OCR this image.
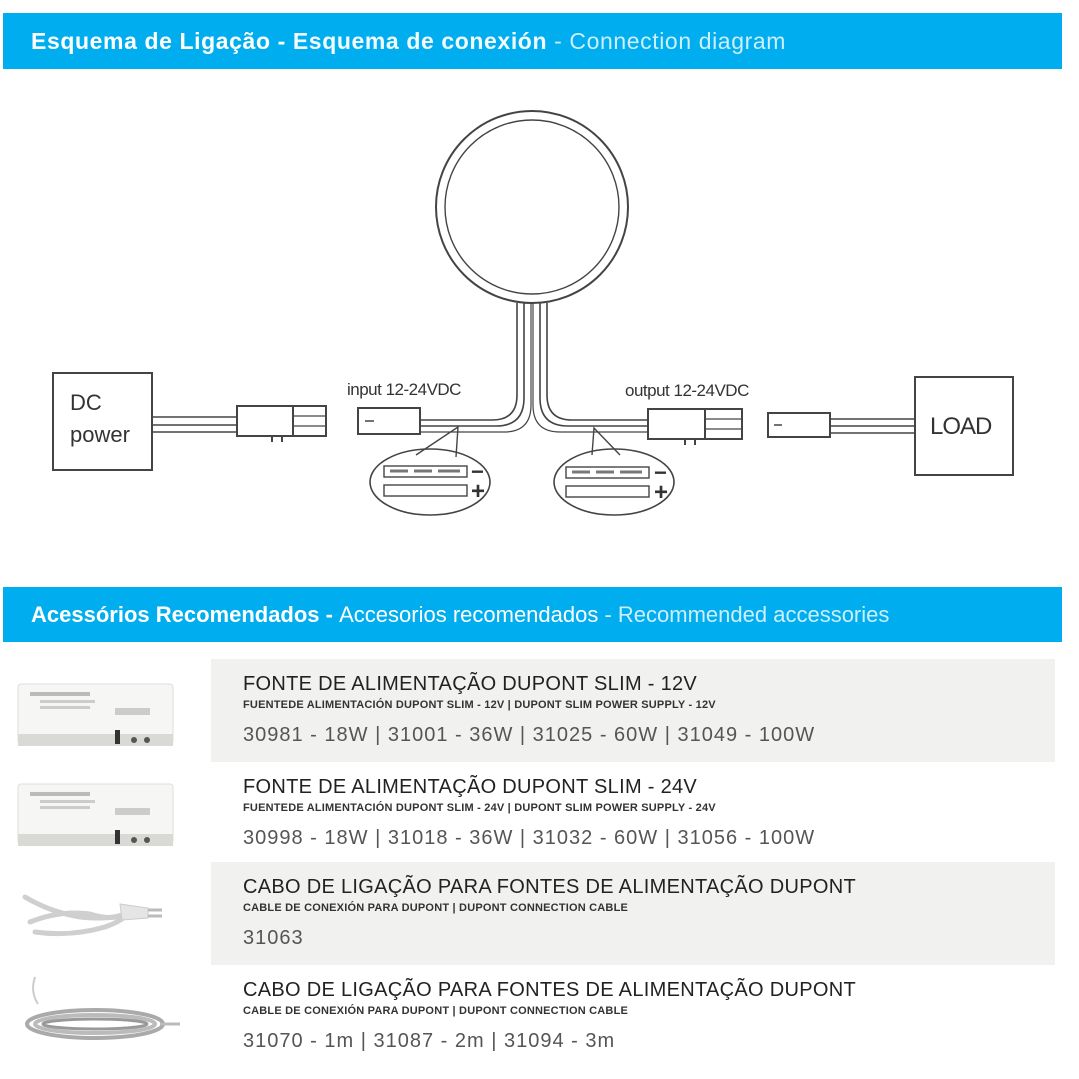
Esquema de Ligação - Esquema de conexión - Connection diagram
DC
power
input 12-24VDC	output 12-24VDC
LOAD
−
+
−
+
Acessórios Recomendados - Accesorios recomendados - Recommended accessories
FONTE DE ALIMENTAÇÃO DUPONT SLIM - 12V
FUENTEDE ALIMENTACIÓN DUPONT SLIM - 12V | DUPONT SLIM POWER SUPPLY - 12V
30981 - 18W | 31001 - 36W | 31025 - 60W | 31049 - 100W
FONTE DE ALIMENTAÇÃO DUPONT SLIM - 24V
FUENTEDE ALIMENTACIÓN DUPONT SLIM - 24V | DUPONT SLIM POWER SUPPLY - 24V
30998 - 18W | 31018 - 36W | 31032 - 60W | 31056 - 100W
CABO DE LIGAÇÃO PARA FONTES DE ALIMENTAÇÃO DUPONT
CABLE DE CONEXIÓN PARA DUPONT | DUPONT CONNECTION CABLE
31063
CABO DE LIGAÇÃO PARA FONTES DE ALIMENTAÇÃO DUPONT
CABLE DE CONEXIÓN PARA DUPONT | DUPONT CONNECTION CABLE
31070 - 1m | 31087 - 2m | 31094 - 3m
